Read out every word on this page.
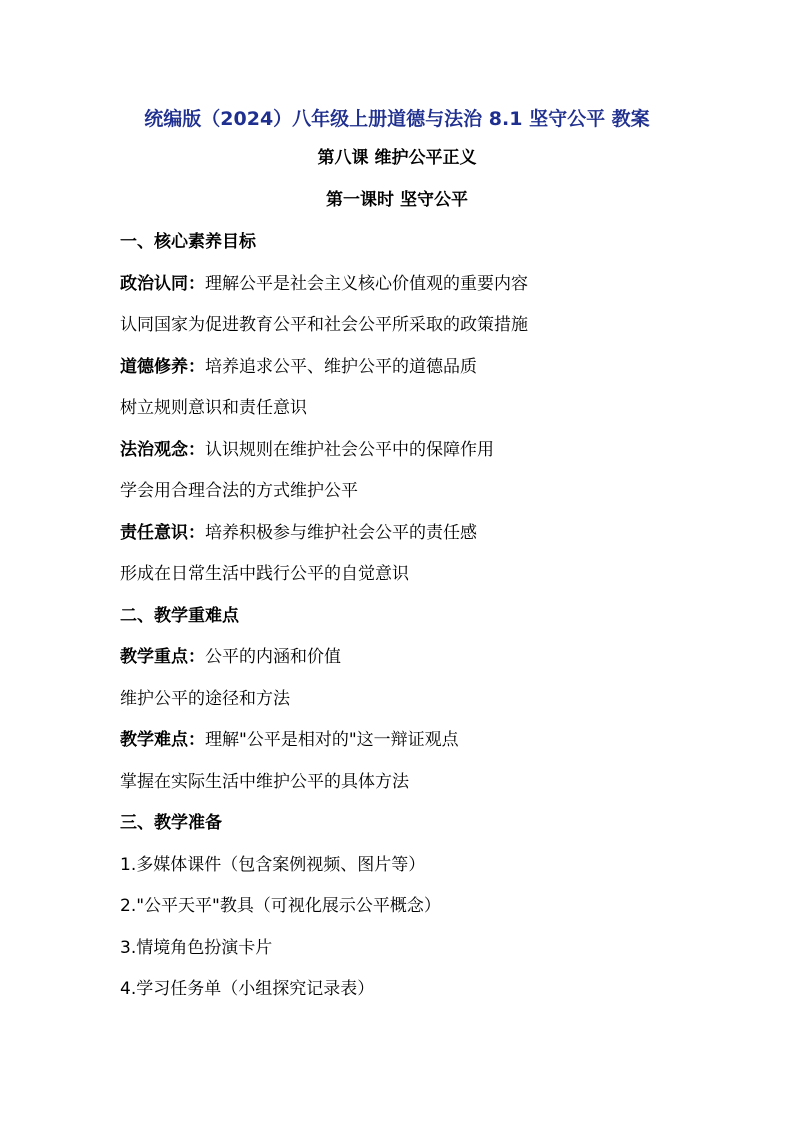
统编版（2024）八年级上册道德与法治 8.1 坚守公平 教案
第八课 维护公平正义
第一课时 坚守公平
一、核心素养目标
政治认同：理解公平是社会主义核心价值观的重要内容
认同国家为促进教育公平和社会公平所采取的政策措施
道德修养：培养追求公平、维护公平的道德品质
树立规则意识和责任意识
法治观念：认识规则在维护社会公平中的保障作用
学会用合理合法的方式维护公平
责任意识：培养积极参与维护社会公平的责任感
形成在日常生活中践行公平的自觉意识
二、教学重难点
教学重点：公平的内涵和价值
维护公平的途径和方法
教学难点：理解"公平是相对的"这一辩证观点
掌握在实际生活中维护公平的具体方法
三、教学准备
1.多媒体课件（包含案例视频、图片等）
2."公平天平"教具（可视化展示公平概念）
3.情境角色扮演卡片
4.学习任务单（小组探究记录表）
